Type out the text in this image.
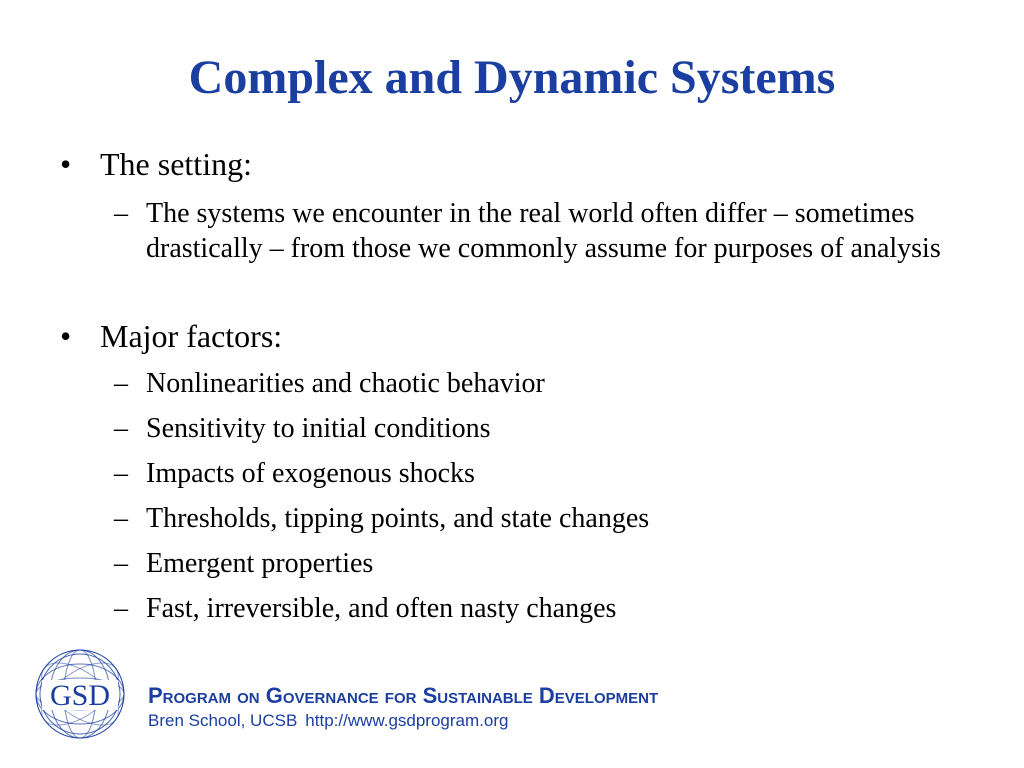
Complex and Dynamic Systems
• The setting:
– The systems we encounter in the real world often differ – sometimes drastically – from those we commonly assume for purposes of analysis
• Major factors:
– Nonlinearities and chaotic behavior
– Sensitivity to initial conditions
– Impacts of exogenous shocks
– Thresholds, tipping points, and state changes
– Emergent properties
– Fast, irreversible, and often nasty changes
GSD Program on Governance for Sustainable Development
Bren School, UCSB http://www.gsdprogram.org
